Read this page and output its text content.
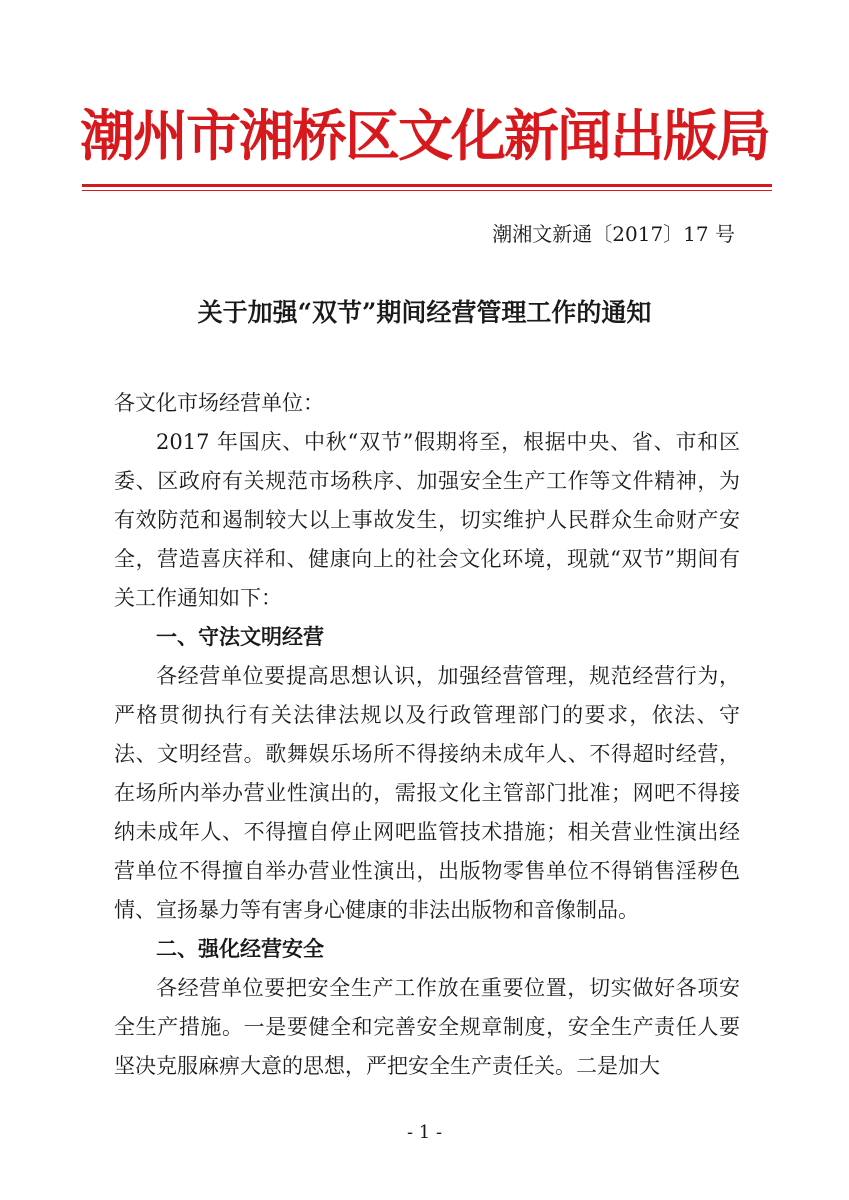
潮州市湘桥区文化新闻出版局
潮湘文新通〔2017〕17 号
关于加强“双节”期间经营管理工作的通知

各文化市场经营单位：

2017 年国庆、中秋“双节”假期将至，根据中央、省、市和区委、区政府有关规范市场秩序、加强安全生产工作等文件精神，为有效防范和遏制较大以上事故发生，切实维护人民群众生命财产安全，营造喜庆祥和、健康向上的社会文化环境，现就“双节”期间有关工作通知如下：

一、守法文明经营

各经营单位要提高思想认识，加强经营管理，规范经营行为，严格贯彻执行有关法律法规以及行政管理部门的要求，依法、守法、文明经营。歌舞娱乐场所不得接纳未成年人、不得超时经营，在场所内举办营业性演出的，需报文化主管部门批准；网吧不得接纳未成年人、不得擅自停止网吧监管技术措施；相关营业性演出经营单位不得擅自举办营业性演出，出版物零售单位不得销售淫秽色情、宣扬暴力等有害身心健康的非法出版物和音像制品。

二、强化经营安全

各经营单位要把安全生产工作放在重要位置，切实做好各项安全生产措施。一是要健全和完善安全规章制度，安全生产责任人要坚决克服麻痹大意的思想，严把安全生产责任关。二是加大

- 1 -
